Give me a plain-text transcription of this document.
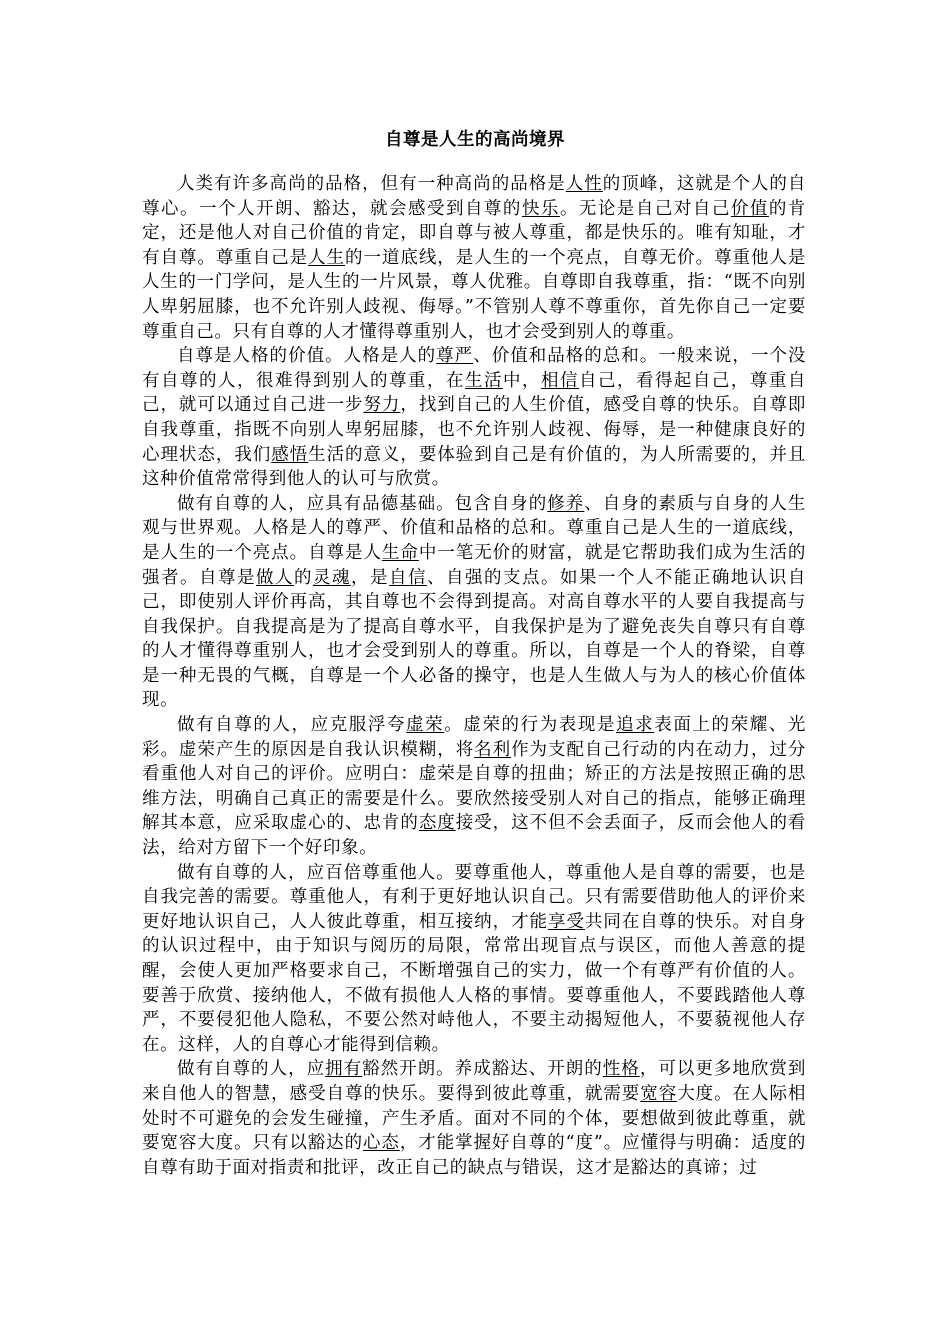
自尊是人生的高尚境界

人类有许多高尚的品格，但有一种高尚的品格是人性的顶峰，这就是个人的自尊心。一个人开朗、豁达，就会感受到自尊的快乐。无论是自己对自己价值的肯定，还是他人对自己价值的肯定，即自尊与被人尊重，都是快乐的。唯有知耻，才有自尊。尊重自己是人生的一道底线，是人生的一个亮点，自尊无价。尊重他人是人生的一门学问，是人生的一片风景，尊人优雅。自尊即自我尊重，指：“既不向别人卑躬屈膝，也不允许别人歧视、侮辱。”不管别人尊不尊重你，首先你自己一定要尊重自己。只有自尊的人才懂得尊重别人，也才会受到别人的尊重。

自尊是人格的价值。人格是人的尊严、价值和品格的总和。一般来说，一个没有自尊的人，很难得到别人的尊重，在生活中，相信自己，看得起自己，尊重自己，就可以通过自己进一步努力，找到自己的人生价值，感受自尊的快乐。自尊即自我尊重，指既不向别人卑躬屈膝，也不允许别人歧视、侮辱，是一种健康良好的心理状态，我们感悟生活的意义，要体验到自己是有价值的，为人所需要的，并且这种价值常常得到他人的认可与欣赏。

做有自尊的人，应具有品德基础。包含自身的修养、自身的素质与自身的人生观与世界观。人格是人的尊严、价值和品格的总和。尊重自己是人生的一道底线，是人生的一个亮点。自尊是人生命中一笔无价的财富，就是它帮助我们成为生活的强者。自尊是做人的灵魂，是自信、自强的支点。如果一个人不能正确地认识自己，即使别人评价再高，其自尊也不会得到提高。对高自尊水平的人要自我提高与自我保护。自我提高是为了提高自尊水平，自我保护是为了避免丧失自尊只有自尊的人才懂得尊重别人，也才会受到别人的尊重。所以，自尊是一个人的脊梁，自尊是一种无畏的气概，自尊是一个人必备的操守，也是人生做人与为人的核心价值体现。

做有自尊的人，应克服浮夸虚荣。虚荣的行为表现是追求表面上的荣耀、光彩。虚荣产生的原因是自我认识模糊，将名利作为支配自己行动的内在动力，过分看重他人对自己的评价。应明白：虚荣是自尊的扭曲；矫正的方法是按照正确的思维方法，明确自己真正的需要是什么。要欣然接受别人对自己的指点，能够正确理解其本意，应采取虚心的、忠肯的态度接受，这不但不会丢面子，反而会他人的看法，给对方留下一个好印象。

做有自尊的人，应百倍尊重他人。要尊重他人，尊重他人是自尊的需要，也是自我完善的需要。尊重他人，有利于更好地认识自己。只有需要借助他人的评价来更好地认识自己，人人彼此尊重，相互接纳，才能享受共同在自尊的快乐。对自身的认识过程中，由于知识与阅历的局限，常常出现盲点与误区，而他人善意的提醒，会使人更加严格要求自己，不断增强自己的实力，做一个有尊严有价值的人。要善于欣赏、接纳他人，不做有损他人人格的事情。要尊重他人，不要践踏他人尊严，不要侵犯他人隐私，不要公然对峙他人，不要主动揭短他人，不要藐视他人存在。这样，人的自尊心才能得到信赖。

做有自尊的人，应拥有豁然开朗。养成豁达、开朗的性格，可以更多地欣赏到来自他人的智慧，感受自尊的快乐。要得到彼此尊重，就需要宽容大度。在人际相处时不可避免的会发生碰撞，产生矛盾。面对不同的个体，要想做到彼此尊重，就要宽容大度。只有以豁达的心态，才能掌握好自尊的“度”。应懂得与明确：适度的自尊有助于面对指责和批评，改正自己的缺点与错误，这才是豁达的真谛；过
